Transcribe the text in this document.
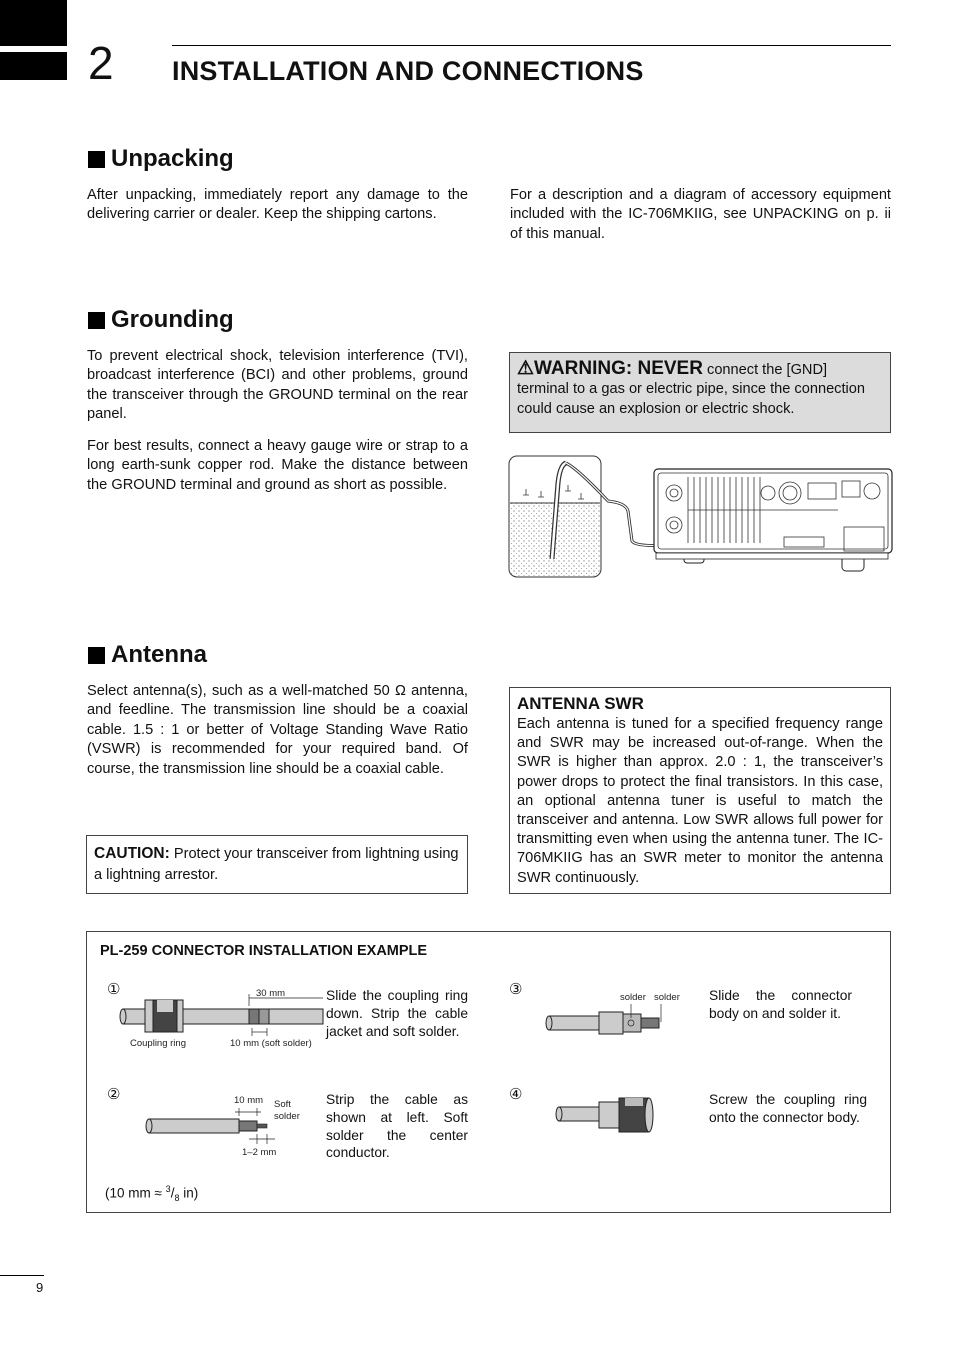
2 INSTALLATION AND CONNECTIONS
Unpacking
After unpacking, immediately report any damage to the delivering carrier or dealer. Keep the shipping cartons.
For a description and a diagram of accessory equipment included with the IC-706MKIIG, see UNPACKING on p. ii of this manual.
Grounding
To prevent electrical shock, television interference (TVI), broadcast interference (BCI) and other problems, ground the transceiver through the GROUND terminal on the rear panel.
For best results, connect a heavy gauge wire or strap to a long earth-sunk copper rod. Make the distance between the GROUND terminal and ground as short as possible.
⚠WARNING: NEVER connect the [GND] terminal to a gas or electric pipe, since the connection could cause an explosion or electric shock.
Antenna
Select antenna(s), such as a well-matched 50 Ω antenna, and feedline. The transmission line should be a coaxial cable. 1.5 : 1 or better of Voltage Standing Wave Ratio (VSWR) is recommended for your required band. Of course, the transmission line should be a coaxial cable.
CAUTION: Protect your transceiver from lightning using a lightning arrestor.
ANTENNA SWR
Each antenna is tuned for a specified frequency range and SWR may be increased out-of-range. When the SWR is higher than approx. 2.0 : 1, the transceiver’s power drops to protect the final transistors. In this case, an optional antenna tuner is useful to match the transceiver and antenna. Low SWR allows full power for transmitting even when using the antenna tuner. The IC-706MKIIG has an SWR meter to monitor the antenna SWR continuously.
PL-259 CONNECTOR INSTALLATION EXAMPLE
①	30 mm
Coupling ring	10 mm (soft solder)
Slide the coupling ring down. Strip the cable jacket and soft solder.
②	10 mm Soft
solder
1–2 mm
Strip the cable as shown at left. Soft solder the center conductor.
③	solder solder Slide the connector body on and solder it.
④	Screw the coupling ring onto the connector body.
(10 mm ≈ $^3/_8$ in)
9
